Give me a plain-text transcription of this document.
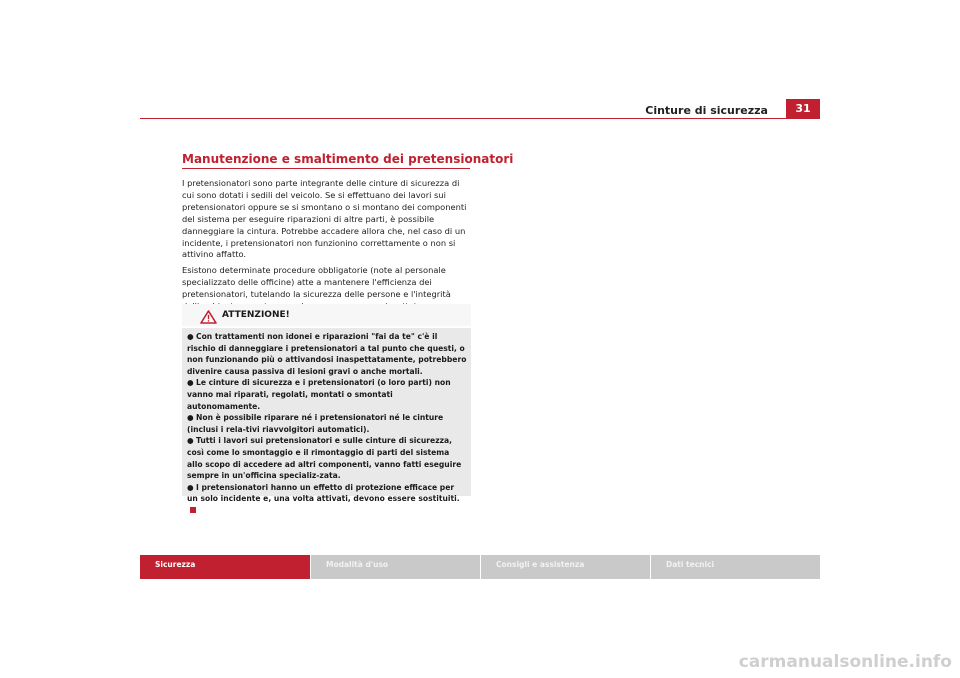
Cinture di sicurezza	31
Manutenzione e smaltimento dei pretensionatori

I pretensionatori sono parte integrante delle cinture di sicurezza di cui sono dotati i sedili del veicolo. Se si effettuano dei lavori sui pretensionatori oppure se si smontano o si montano dei componenti del sistema per eseguire riparazioni di altre parti, è possibile danneggiare la cintura. Potrebbe accadere allora che, nel caso di un incidente, i pretensionatori non funzionino correttamente o non si attivino affatto.

Esistono determinate procedure obbligatorie (note al personale specializzato delle officine) atte a mantenere l'efficienza dei pretensionatori, tutelando la sicurezza delle persone e l'integrità

ATTENZIONE!

● Con trattamenti non idonei e riparazioni "fai da te" c'è il rischio di danneggiare i pretensionatori a tal punto che questi, o non funzionando più o attivandosi inaspettatamente, potrebbero divenire causa passiva di lesioni gravi o anche mortali.

● Le cinture di sicurezza e i pretensionatori (o loro parti) non vanno mai riparati, regolati, montati o smontati autonomamente.

● Non è possibile riparare né i pretensionatori né le cinture (inclusi i rela-tivi riavvolgitori automatici).

● Tutti i lavori sui pretensionatori e sulle cinture di sicurezza, così come lo smontaggio e il rimontaggio di parti del sistema allo scopo di accedere ad altri componenti, vanno fatti eseguire sempre in un'officina specializ-zata.

● I pretensionatori hanno un effetto di protezione efficace per un solo incidente e, una volta attivati, devono essere sostituiti.

Sicurezza	Modalità d'uso	Consigli e assistenza	Dati tecnici
carmanualsonline.info
